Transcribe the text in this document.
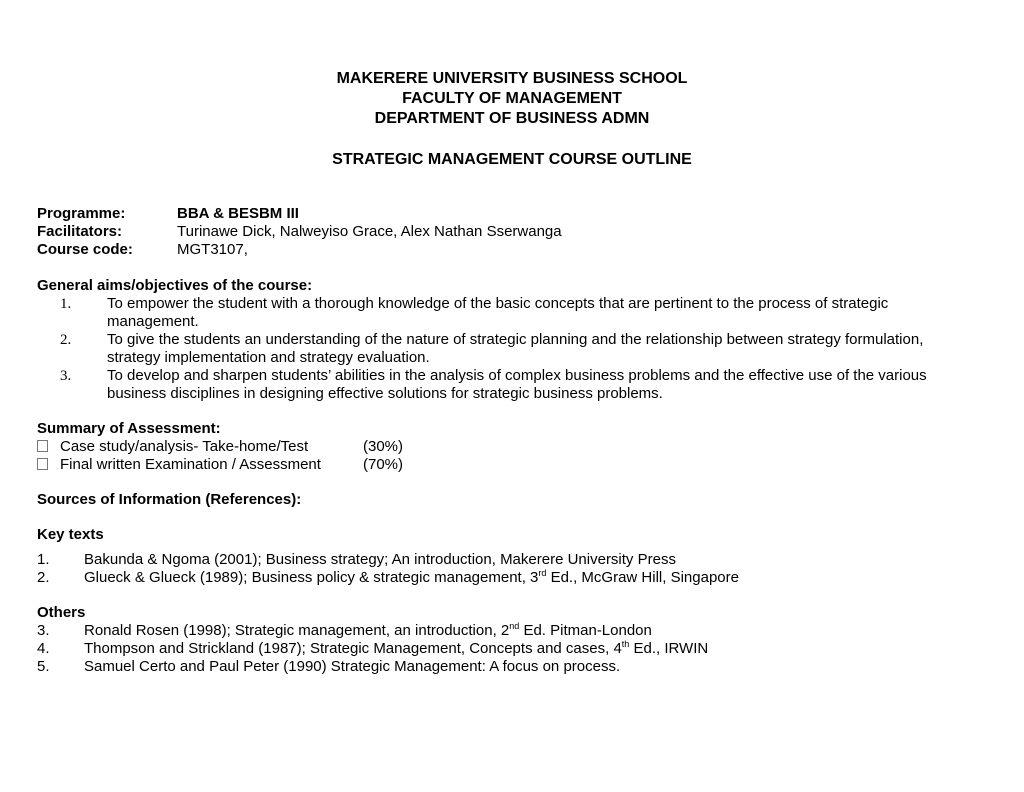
MAKERERE UNIVERSITY BUSINESS SCHOOL
FACULTY OF MANAGEMENT
DEPARTMENT OF BUSINESS ADMN
STRATEGIC MANAGEMENT COURSE OUTLINE
Programme:	BBA & BESBM III
Facilitators:	Turinawe Dick, Nalweyiso Grace, Alex Nathan Sserwanga
Course code:	MGT3107,
General aims/objectives of the course:
1. To empower the student with a thorough knowledge of the basic concepts that are pertinent to the process of strategic management.
2. To give the students an understanding of the nature of strategic planning and the relationship between strategy formulation, strategy implementation and strategy evaluation.
3. To develop and sharpen students’ abilities in the analysis of complex business problems and the effective use of the various business disciplines in designing effective solutions for strategic business problems.
Summary of Assessment:
Case study/analysis- Take-home/Test	(30%)
Final written Examination / Assessment	(70%)
Sources of Information (References):
Key texts
1. Bakunda & Ngoma (2001); Business strategy; An introduction, Makerere University Press
2. Glueck & Glueck (1989); Business policy & strategic management, 3rd Ed., McGraw Hill, Singapore
Others
3. Ronald Rosen (1998); Strategic management, an introduction, 2nd Ed. Pitman-London
4. Thompson and Strickland (1987); Strategic Management, Concepts and cases, 4th Ed., IRWIN
5. Samuel Certo and Paul Peter (1990) Strategic Management: A focus on process.
